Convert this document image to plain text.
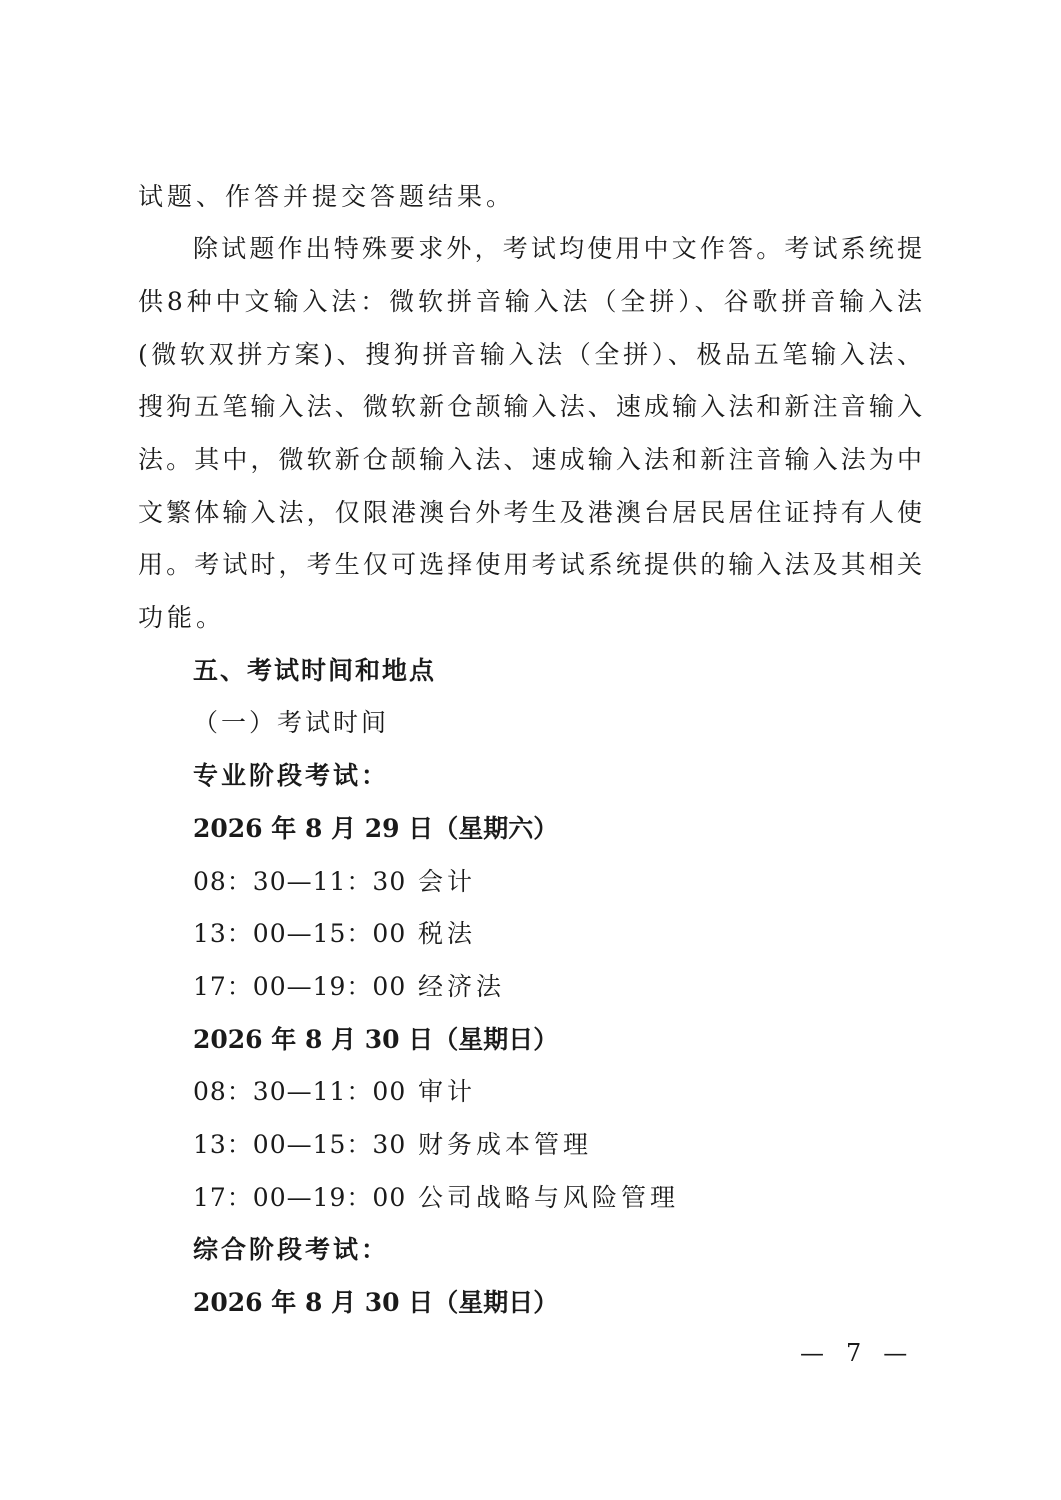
试题、作答并提交答题结果。
除试题作出特殊要求外，考试均使用中文作答。考试系统提
供8种中文输入法：微软拼音输入法（全拼）、谷歌拼音输入法
(微软双拼方案)、搜狗拼音输入法（全拼）、极品五笔输入法、
搜狗五笔输入法、微软新仓颉输入法、速成输入法和新注音输入
法。其中，微软新仓颉输入法、速成输入法和新注音输入法为中
文繁体输入法，仅限港澳台外考生及港澳台居民居住证持有人使
用。考试时，考生仅可选择使用考试系统提供的输入法及其相关
功能。
五、考试时间和地点
（一）考试时间
专业阶段考试：
2026 年 8 月 29 日（星期六）
08：30—11：30 会计
13：00—15：00 税法
17：00—19：00 经济法
2026 年 8 月 30 日（星期日）
08：30—11：00 审计
13：00—15：30 财务成本管理
17：00—19：00 公司战略与风险管理
综合阶段考试：
2026 年 8 月 30 日（星期日）
— 7 —
